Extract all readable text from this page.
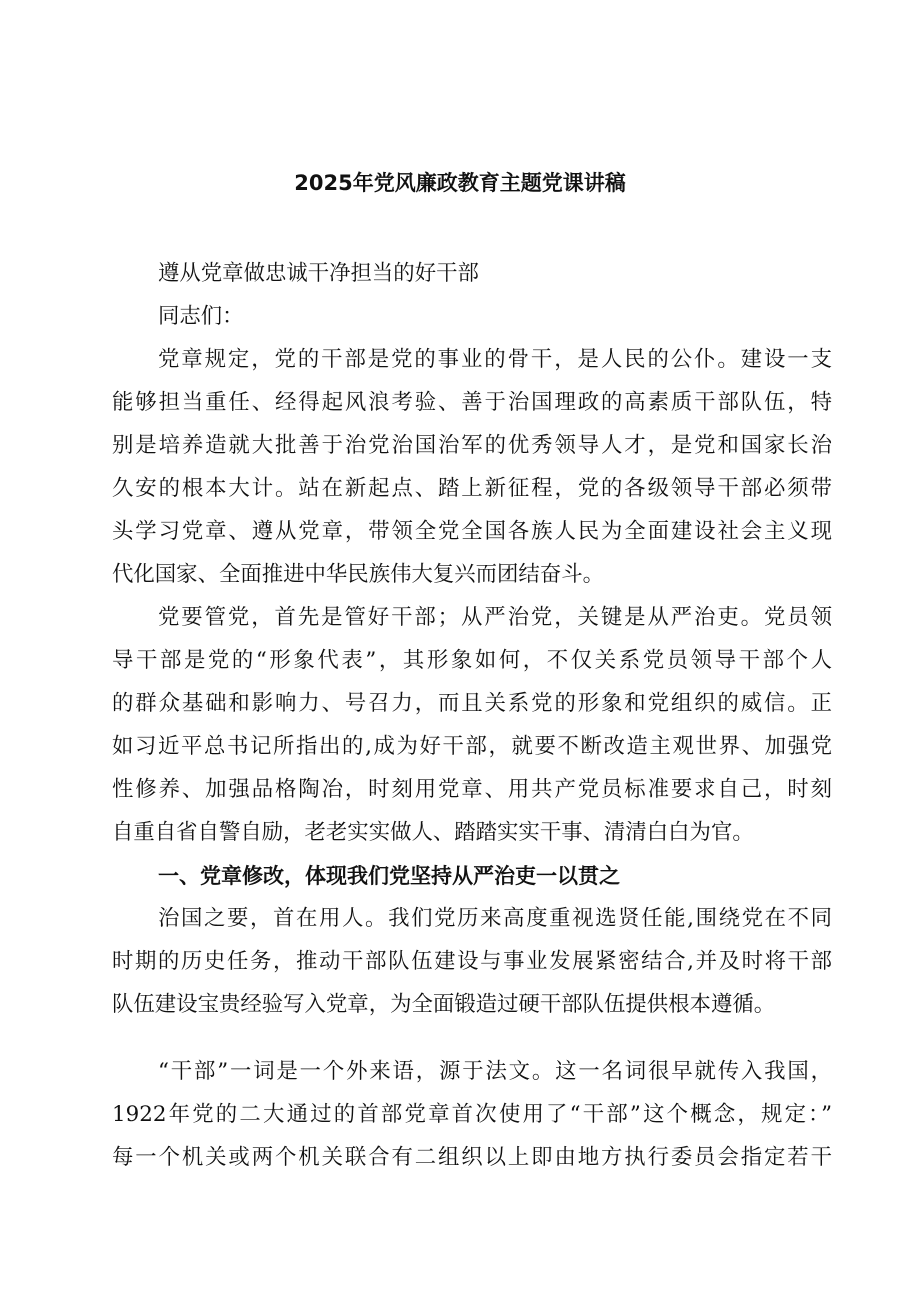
2025年党风廉政教育主题党课讲稿
遵从党章做忠诚干净担当的好干部
同志们：
党章规定，党的干部是党的事业的骨干，是人民的公仆。建设一支
能够担当重任、经得起风浪考验、善于治国理政的高素质干部队伍，特
别是培养造就大批善于治党治国治军的优秀领导人才，是党和国家长治
久安的根本大计。站在新起点、踏上新征程，党的各级领导干部必须带
头学习党章、遵从党章，带领全党全国各族人民为全面建设社会主义现
代化国家、全面推进中华民族伟大复兴而团结奋斗。
党要管党，首先是管好干部；从严治党，关键是从严治吏。党员领
导干部是党的“形象代表”，其形象如何，不仅关系党员领导干部个人
的群众基础和影响力、号召力，而且关系党的形象和党组织的威信。正
如习近平总书记所指出的,成为好干部，就要不断改造主观世界、加强党
性修养、加强品格陶冶，时刻用党章、用共产党员标准要求自己，时刻
自重自省自警自励，老老实实做人、踏踏实实干事、清清白白为官。
一、党章修改，体现我们党坚持从严治吏一以贯之
治国之要，首在用人。我们党历来高度重视选贤任能,围绕党在不同
时期的历史任务，推动干部队伍建设与事业发展紧密结合,并及时将干部
队伍建设宝贵经验写入党章，为全面锻造过硬干部队伍提供根本遵循。
“干部”一词是一个外来语，源于法文。这一名词很早就传入我国，
1922年党的二大通过的首部党章首次使用了“干部”这个概念，规定：”
每一个机关或两个机关联合有二组织以上即由地方执行委员会指定若干
